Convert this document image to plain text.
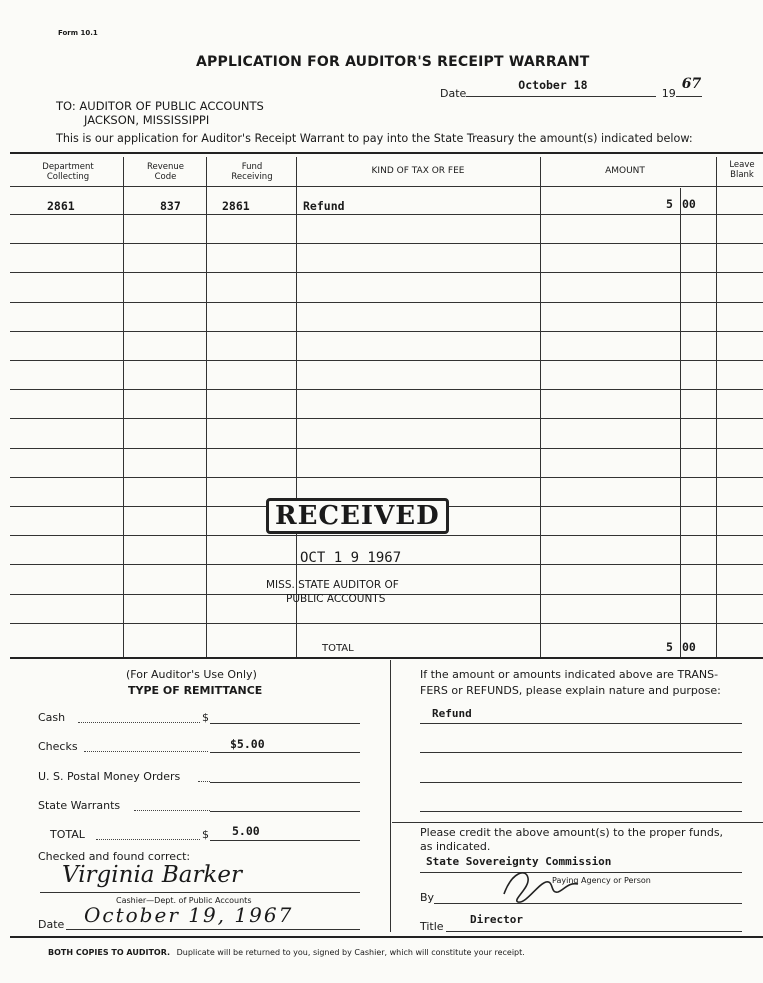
Form 10.1
APPLICATION FOR AUDITOR'S RECEIPT WARRANT
Date
October 18
19
67
TO: AUDITOR OF PUBLIC ACCOUNTS
JACKSON, MISSISSIPPI
This is our application for Auditor's Receipt Warrant to pay into the State Treasury the amount(s) indicated below:
Department Collecting
Revenue Code
Fund Receiving
KIND OF TAX OR FEE	AMOUNT
Leave Blank
2861	837	2861	Refund	5 00
RECEIVED
OCT 1 9 1967
MISS. STATE AUDITOR OF
PUBLIC ACCOUNTS
TOTAL	5 00
(For Auditor's Use Only)
TYPE OF REMITTANCE
Cash	$
Checks	$5.00
U. S. Postal Money Orders
State Warrants
TOTAL	$ 5.00
Checked and found correct:
Virginia Barker
Cashier—Dept. of Public Accounts
Date October 19, 1967
If the amount or amounts indicated above are TRANS-
FERS or REFUNDS, please explain nature and purpose:
Refund
Please credit the above amount(s) to the proper funds,
as indicated.
State Sovereignty Commission
Paying Agency or Person
By
Title
Director
BOTH COPIES TO AUDITOR. Duplicate will be returned to you, signed by Cashier, which will constitute your receipt.
